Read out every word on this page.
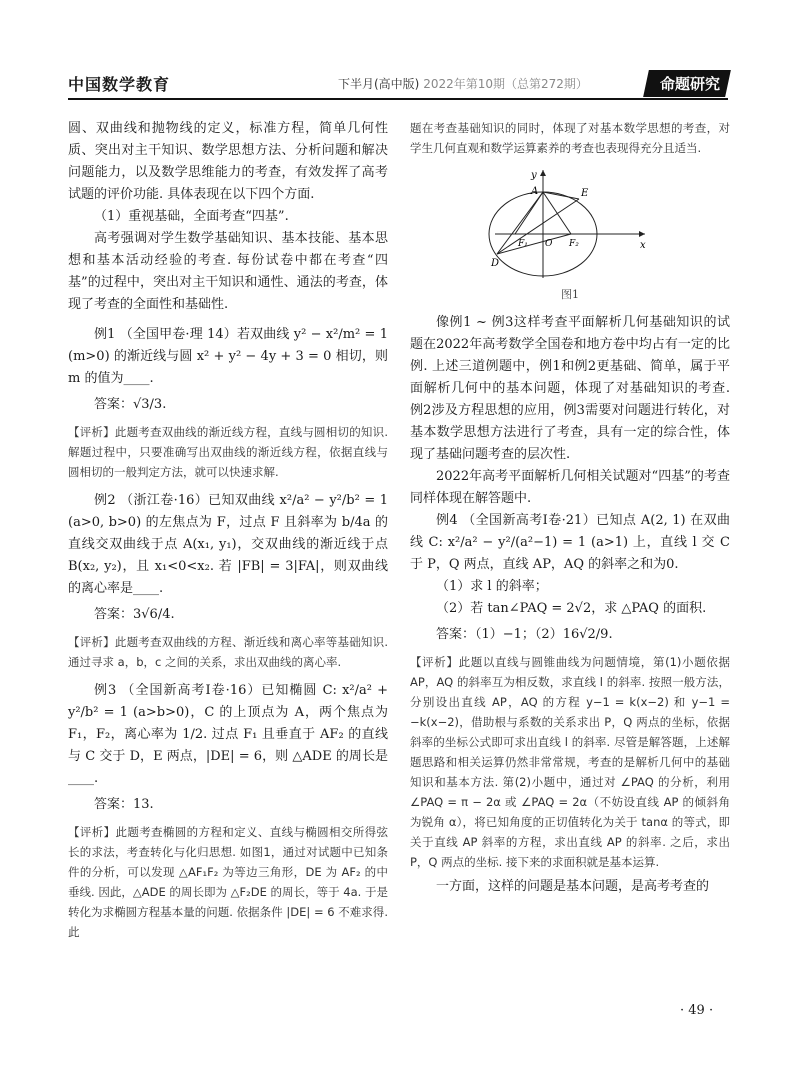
中国数学教育	下半月(高中版) 2022年第10期（总第272期）	命题研究

圆、双曲线和抛物线的定义，标准方程，简单几何性质、突出对主干知识、数学思想方法、分析问题和解决问题能力，以及数学思维能力的考查，有效发挥了高考试题的评价功能. 具体表现在以下四个方面.

（1）重视基础，全面考查“四基”.

高考强调对学生数学基础知识、基本技能、基本思想和基本活动经验的考查. 每份试卷中都在考查“四基”的过程中，突出对主干知识和通性、通法的考查，体现了考查的全面性和基础性.

例1 （全国甲卷·理 14）若双曲线 y² − x²/m² = 1 (m>0) 的渐近线与圆 x² + y² − 4y + 3 = 0 相切，则 m 的值为____.

答案：√3/3.

【评析】此题考查双曲线的渐近线方程，直线与圆相切的知识. 解题过程中，只要准确写出双曲线的渐近线方程，依据直线与圆相切的一般判定方法，就可以快速求解.

例2 （浙江卷·16）已知双曲线 x²/a² − y²/b² = 1 (a>0, b>0) 的左焦点为 F，过点 F 且斜率为 b/4a 的直线交双曲线于点 A(x₁, y₁)，交双曲线的渐近线于点 B(x₂, y₂)，且 x₁<0<x₂. 若 |FB| = 3|FA|，则双曲线的离心率是____.

答案：3√6/4.

【评析】此题考查双曲线的方程、渐近线和离心率等基础知识. 通过寻求 a，b，c 之间的关系，求出双曲线的离心率.

例3 （全国新高考Ⅰ卷·16）已知椭圆 C: x²/a² + y²/b² = 1 (a>b>0)，C 的上顶点为 A，两个焦点为 F₁，F₂，离心率为 1/2. 过点 F₁ 且垂直于 AF₂ 的直线与 C 交于 D，E 两点，|DE| = 6，则 △ADE 的周长是____.

答案：13.

【评析】此题考查椭圆的方程和定义、直线与椭圆相交所得弦长的求法，考查转化与化归思想. 如图1，通过对试题中已知条件的分析，可以发现 △AF₁F₂ 为等边三角形，DE 为 AF₂ 的中垂线. 因此，△ADE 的周长即为 △F₂DE 的周长，等于 4a. 于是转化为求椭圆方程基本量的问题. 依据条件 |DE| = 6 不难求得. 此

题在考查基础知识的同时，体现了对基本数学思想的考查，对学生几何直观和数学运算素养的考查也表现得充分且适当.

y
x
A	E
D
F₁ O F₂
图1

像例1 ~ 例3这样考查平面解析几何基础知识的试题在2022年高考数学全国卷和地方卷中均占有一定的比例. 上述三道例题中，例1和例2更基础、简单，属于平面解析几何中的基本问题，体现了对基础知识的考查. 例2涉及方程思想的应用，例3需要对问题进行转化，对基本数学思想方法进行了考查，具有一定的综合性，体现了基础问题考查的层次性.

2022年高考平面解析几何相关试题对“四基”的考查同样体现在解答题中.

例4 （全国新高考Ⅰ卷·21）已知点 A(2, 1) 在双曲线 C: x²/a² − y²/(a²−1) = 1 (a>1) 上，直线 l 交 C 于 P，Q 两点，直线 AP，AQ 的斜率之和为0.

（1）求 l 的斜率；

（2）若 tan∠PAQ = 2√2，求 △PAQ 的面积.

答案：（1）−1；（2）16√2/9.

【评析】此题以直线与圆锥曲线为问题情境，第(1)小题依据 AP，AQ 的斜率互为相反数，求直线 l 的斜率. 按照一般方法，分别设出直线 AP，AQ 的方程 y−1 = k(x−2) 和 y−1 = −k(x−2)，借助根与系数的关系求出 P，Q 两点的坐标，依据斜率的坐标公式即可求出直线 l 的斜率. 尽管是解答题，上述解题思路和相关运算仍然非常常规，考查的是解析几何中的基础知识和基本方法. 第(2)小题中，通过对 ∠PAQ 的分析，利用 ∠PAQ = π − 2α 或 ∠PAQ = 2α（不妨设直线 AP 的倾斜角为锐角 α），将已知角度的正切值转化为关于 tanα 的等式，即关于直线 AP 斜率的方程，求出直线 AP 的斜率. 之后，求出 P，Q 两点的坐标. 接下来的求面积就是基本运算.

一方面，这样的问题是基本问题，是高考考查的

· 49 ·
